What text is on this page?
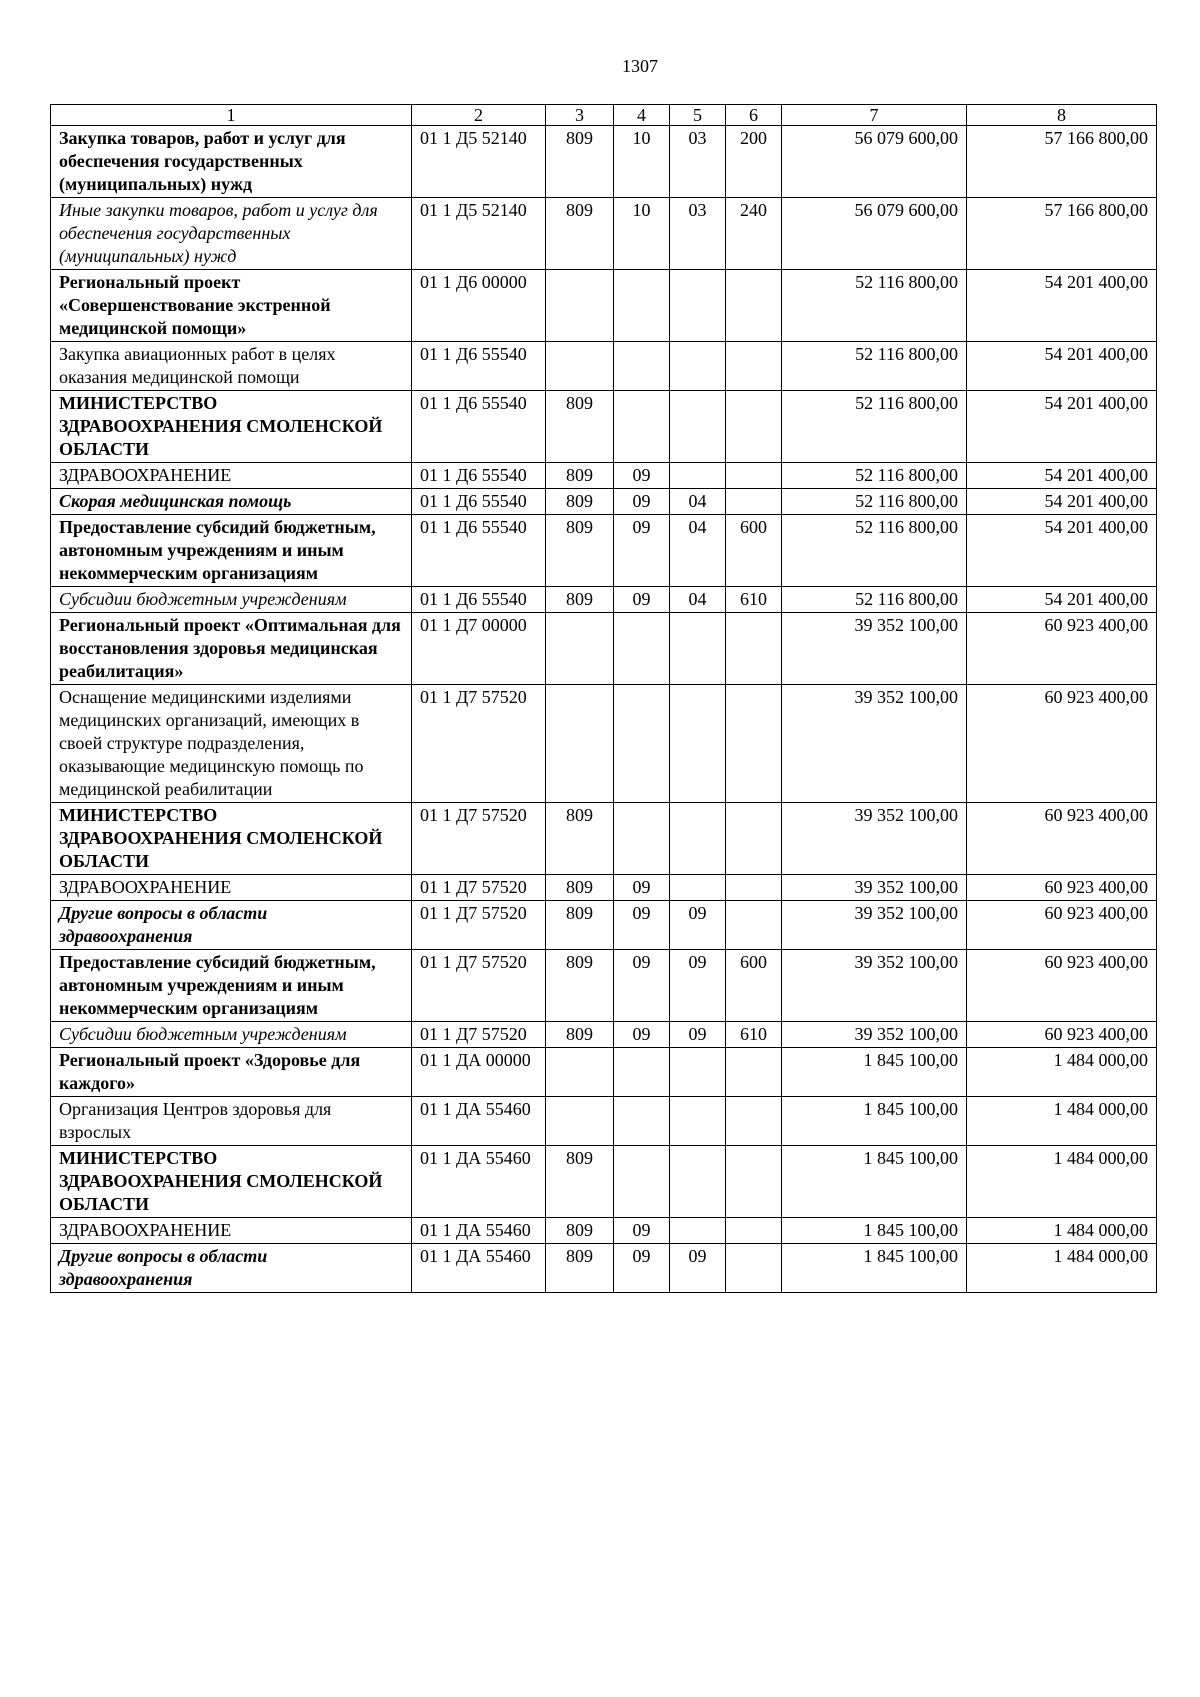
1307
1	2	3	4	5	6	7	8
Закупка товаров, работ и услуг для обеспечения государственных (муниципальных) нужд	01 1 Д5 52140	809	10	03	200	56 079 600,00	57 166 800,00
Иные закупки товаров, работ и услуг для обеспечения государственных (муниципальных) нужд	01 1 Д5 52140	809	10	03	240	56 079 600,00	57 166 800,00
Региональный проект «Совершенствование экстренной медицинской помощи»	01 1 Д6 00000					52 116 800,00	54 201 400,00
Закупка авиационных работ в целях оказания медицинской помощи	01 1 Д6 55540					52 116 800,00	54 201 400,00
МИНИСТЕРСТВО ЗДРАВООХРАНЕНИЯ СМОЛЕНСКОЙ ОБЛАСТИ	01 1 Д6 55540	809				52 116 800,00	54 201 400,00
ЗДРАВООХРАНЕНИЕ	01 1 Д6 55540	809	09			52 116 800,00	54 201 400,00
Скорая медицинская помощь	01 1 Д6 55540	809	09	04		52 116 800,00	54 201 400,00
Предоставление субсидий бюджетным, автономным учреждениям и иным некоммерческим организациям	01 1 Д6 55540	809	09	04	600	52 116 800,00	54 201 400,00
Субсидии бюджетным учреждениям	01 1 Д6 55540	809	09	04	610	52 116 800,00	54 201 400,00
Региональный проект «Оптимальная для восстановления здоровья медицинская реабилитация»	01 1 Д7 00000					39 352 100,00	60 923 400,00
Оснащение медицинскими изделиями медицинских организаций, имеющих в своей структуре подразделения, оказывающие медицинскую помощь по медицинской реабилитации	01 1 Д7 57520					39 352 100,00	60 923 400,00
МИНИСТЕРСТВО ЗДРАВООХРАНЕНИЯ СМОЛЕНСКОЙ ОБЛАСТИ	01 1 Д7 57520	809				39 352 100,00	60 923 400,00
ЗДРАВООХРАНЕНИЕ	01 1 Д7 57520	809	09			39 352 100,00	60 923 400,00
Другие вопросы в области здравоохранения	01 1 Д7 57520	809	09	09		39 352 100,00	60 923 400,00
Предоставление субсидий бюджетным, автономным учреждениям и иным некоммерческим организациям	01 1 Д7 57520	809	09	09	600	39 352 100,00	60 923 400,00
Субсидии бюджетным учреждениям	01 1 Д7 57520	809	09	09	610	39 352 100,00	60 923 400,00
Региональный проект «Здоровье для каждого»	01 1 ДА 00000					1 845 100,00	1 484 000,00
Организация Центров здоровья для взрослых	01 1 ДА 55460					1 845 100,00	1 484 000,00
МИНИСТЕРСТВО ЗДРАВООХРАНЕНИЯ СМОЛЕНСКОЙ ОБЛАСТИ	01 1 ДА 55460	809				1 845 100,00	1 484 000,00
ЗДРАВООХРАНЕНИЕ	01 1 ДА 55460	809	09			1 845 100,00	1 484 000,00
Другие вопросы в области здравоохранения	01 1 ДА 55460	809	09	09		1 845 100,00	1 484 000,00
